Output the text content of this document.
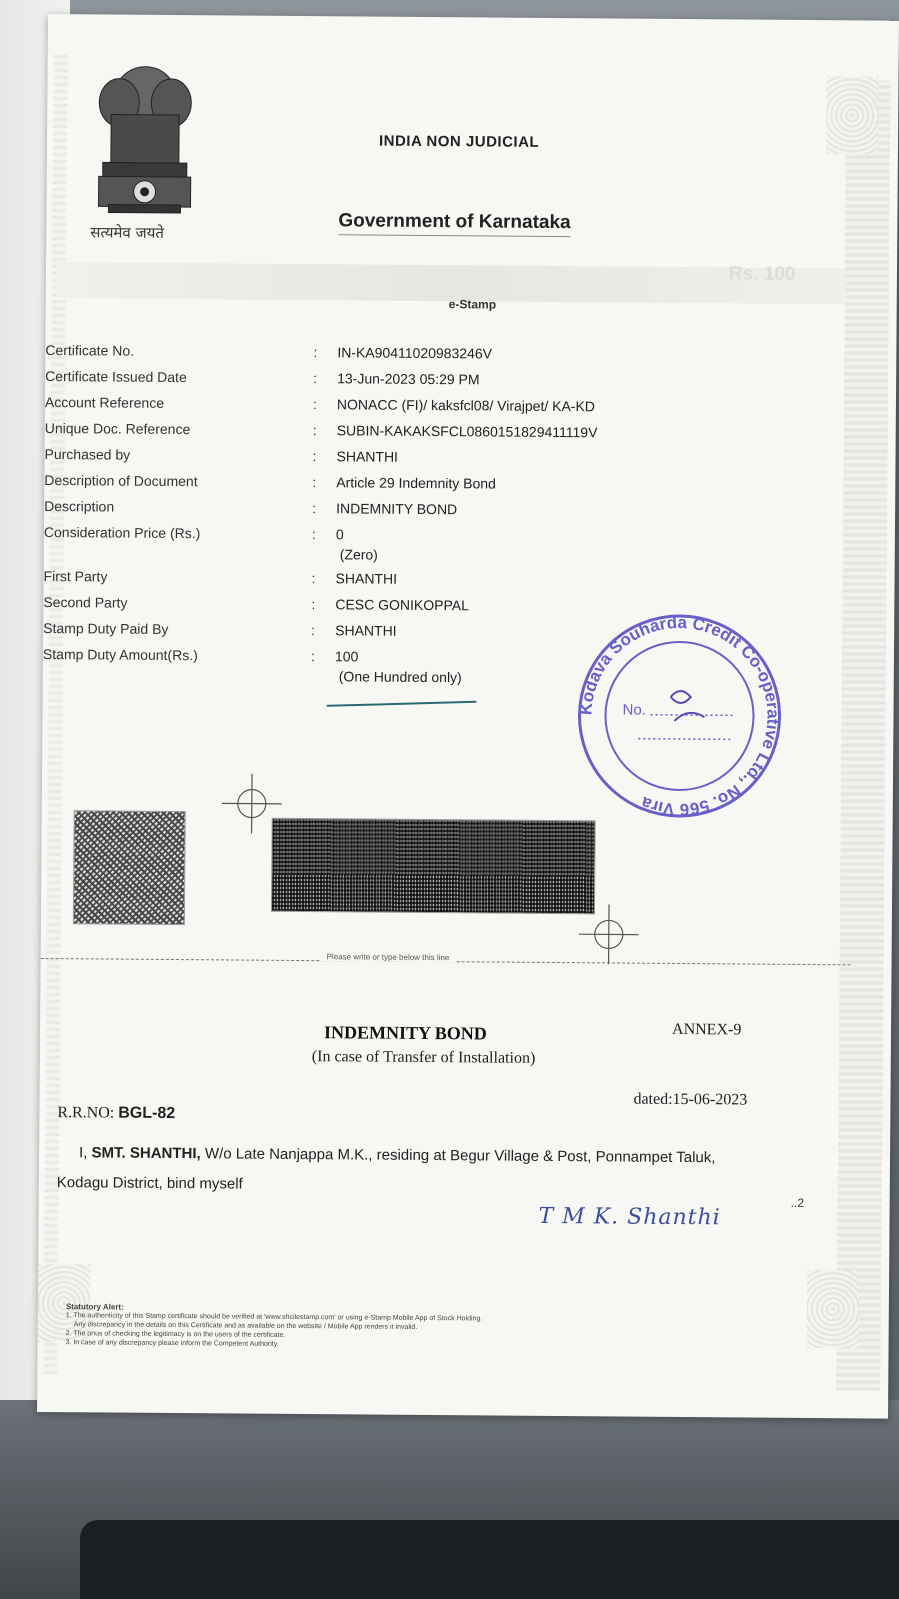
सत्यमेव जयते
INDIA NON JUDICIAL
Government of Karnataka
Rs. 100
e-Stamp
Certificate No.	: IN-KA90411020983246V
Certificate Issued Date	: 13-Jun-2023 05:29 PM
Account Reference	: NONACC (FI)/ kaksfcl08/ Virajpet/ KA-KD
Unique Doc. Reference	: SUBIN-KAKAKSFCL0860151829411119V
Purchased by	: SHANTHI
Description of Document	: Article 29 Indemnity Bond
Description	: INDEMNITY BOND
Consideration Price (Rs.)	: 0
(Zero)
First Party	: SHANTHI
Second Party	: CESC GONIKOPPAL
Stamp Duty Paid By	: SHANTHI
Stamp Duty Amount(Rs.)	: 100
(One Hundred only)
Kodava Souharda Credit Co-operative Ltd., No. 566 Vira
No.
Please write or type below this line
INDEMNITY BOND	ANNEX-9
(In case of Transfer of Installation)
dated:15-06-2023
R.R.NO: BGL-82
I, SMT. SHANTHI, W/o Late Nanjappa M.K., residing at Begur Village & Post, Ponnampet Taluk,
Kodagu District, bind myself
T M K. Shanthi
..2
Statutory Alert:
1. The authenticity of this Stamp certificate should be verified at 'www.shcilestamp.com' or using e-Stamp Mobile App of Stock Holding.
Any discrepancy in the details on this Certificate and as available on the website / Mobile App renders it invalid.
2. The onus of checking the legitimacy is on the users of the certificate.
3. In case of any discrepancy please inform the Competent Authority.
